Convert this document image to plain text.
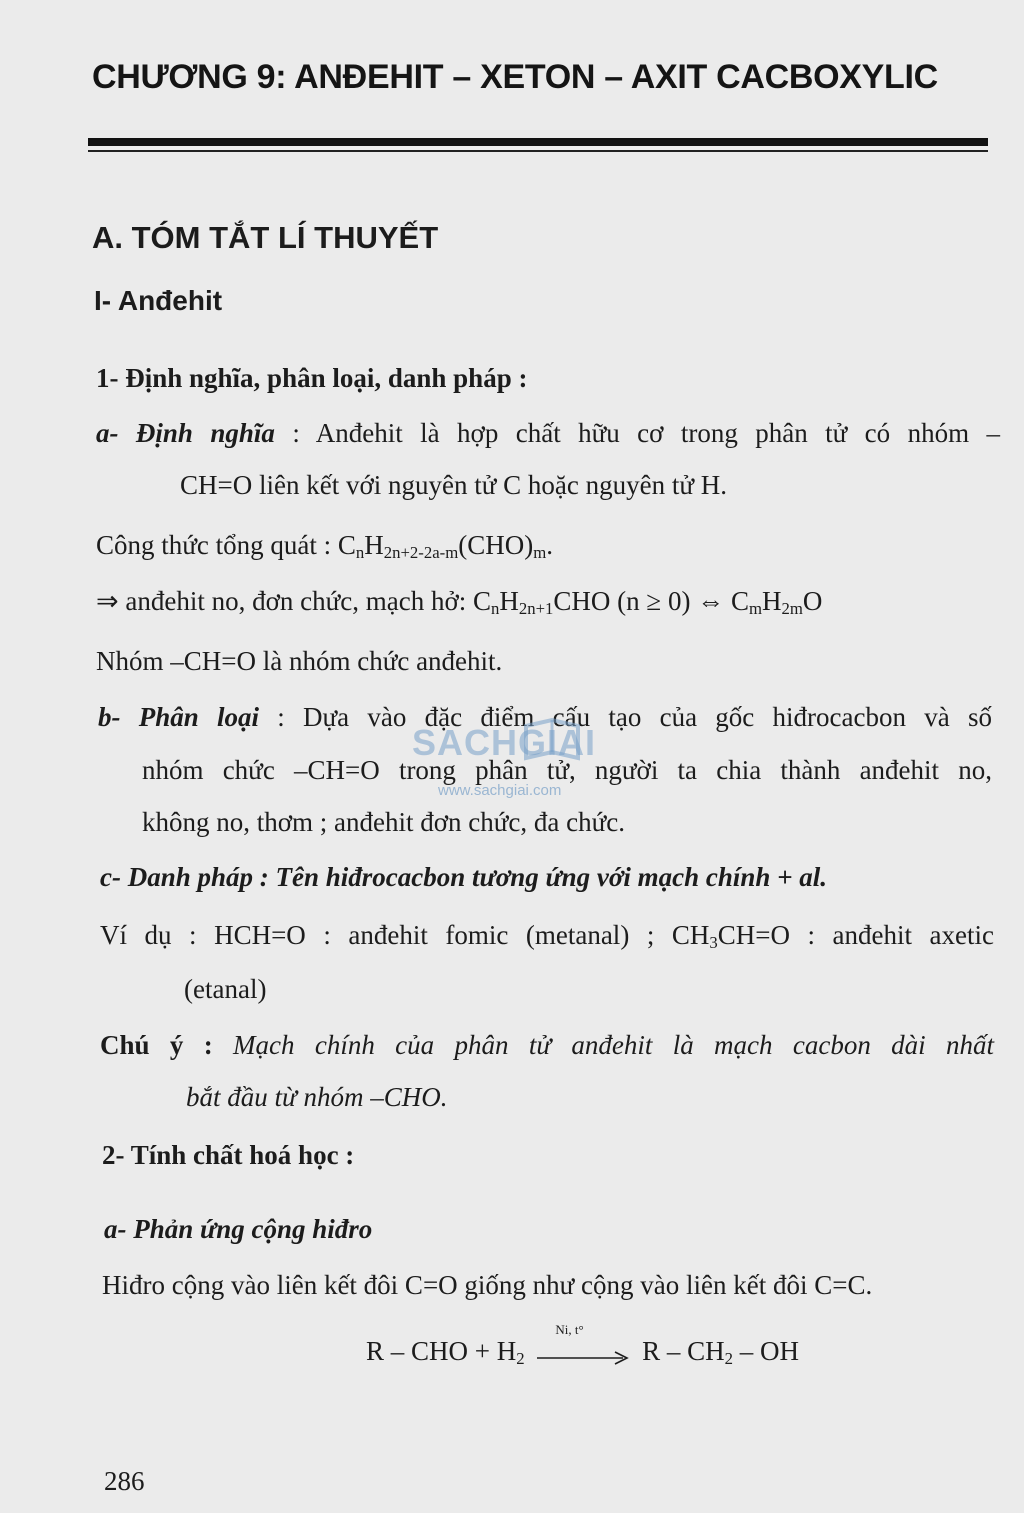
CHƯƠNG 9: ANĐEHIT – XETON – AXIT CACBOXYLIC
A. TÓM TẮT LÍ THUYẾT
I- Anđehit
1- Định nghĩa, phân loại, danh pháp :
a- Định nghĩa : Anđehit là hợp chất hữu cơ trong phân tử có nhóm –
CH=O liên kết với nguyên tử C hoặc nguyên tử H.
Công thức tổng quát : $C_nH_{2n+2-2a-m}(CHO)_m$.
⇒ anđehit no, đơn chức, mạch hở: $C_nH_{2n+1}CHO$ (n ≥ 0) ⇔ $C_mH_{2m}O$
Nhóm –CH=O là nhóm chức anđehit.
b- Phân loại : Dựa vào đặc điểm cấu tạo của gốc hiđrocacbon và số
nhóm chức –CH=O trong phân tử, người ta chia thành anđehit no,
không no, thơm ; anđehit đơn chức, đa chức.
SACHGIAI
www.sachgiai.com
c- Danh pháp : Tên hiđrocacbon tương ứng với mạch chính + al.
Ví dụ : HCH=O : anđehit fomic (metanal) ; $CH_3CH=O$ : anđehit axetic
(etanal)
Chú ý : Mạch chính của phân tử anđehit là mạch cacbon dài nhất
bắt đầu từ nhóm –CHO.
2- Tính chất hoá học :
a- Phản ứng cộng hiđro
Hiđro cộng vào liên kết đôi C=O giống như cộng vào liên kết đôi C=C.
R – CHO + $H_2$
Ni, t°
R – $CH_2$ – OH
286
